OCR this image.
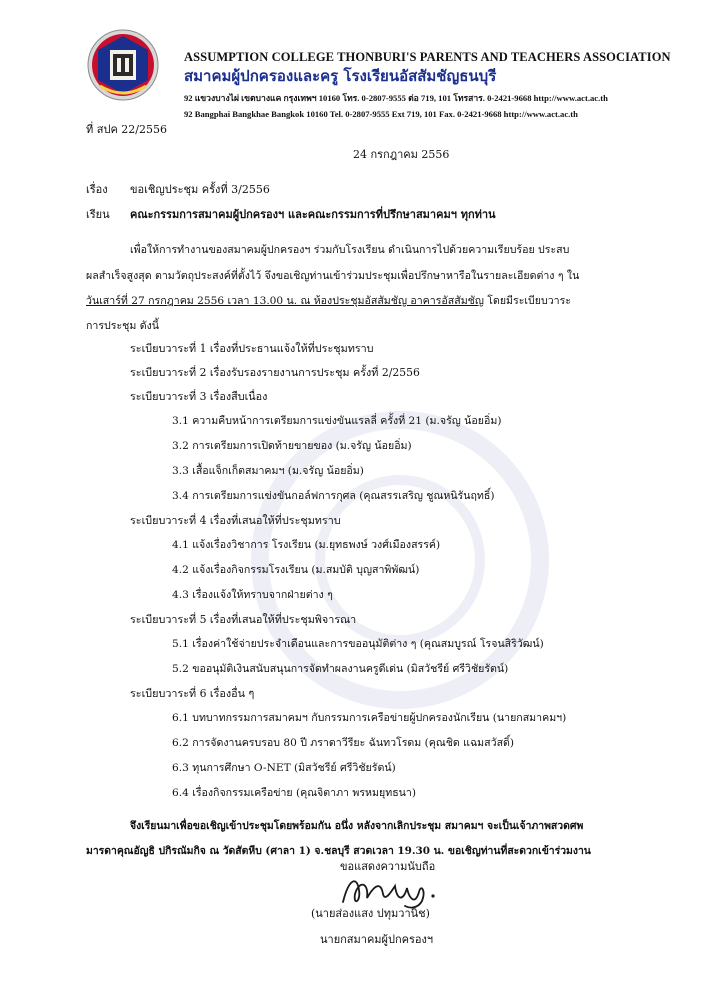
ASSUMPTION COLLEGE THONBURI'S PARENTS AND TEACHERS ASSOCIATION
สมาคมผู้ปกครองและครู โรงเรียนอัสสัมชัญธนบุรี
92 แขวงบางไผ่ เขตบางแค กรุงเทพฯ 10160 โทร. 0-2807-9555 ต่อ 719, 101 โทรสาร. 0-2421-9668 http://www.act.ac.th
92 Bangphai Bangkhae Bangkok 10160 Tel. 0-2807-9555 Ext 719, 101 Fax. 0-2421-9668 http://www.act.ac.th
ที่ สปค 22/2556
24 กรกฎาคม 2556
เรื่อง ขอเชิญประชุม ครั้งที่ 3/2556
เรียน คณะกรรมการสมาคมผู้ปกครองฯ และคณะกรรมการที่ปรึกษาสมาคมฯ ทุกท่าน
เพื่อให้การทำงานของสมาคมผู้ปกครองฯ ร่วมกับโรงเรียน ดำเนินการไปด้วยความเรียบร้อย ประสบ
ผลสำเร็จสูงสุด ตามวัตถุประสงค์ที่ตั้งไว้ จึงขอเชิญท่านเข้าร่วมประชุมเพื่อปรึกษาหารือในรายละเอียดต่าง ๆ ใน
วันเสาร์ที่ 27 กรกฎาคม 2556 เวลา 13.00 น. ณ ห้องประชุมอัสสัมชัญ อาคารอัสสัมชัญ โดยมีระเบียบวาระ
การประชุม ดังนี้
ระเบียบวาระที่ 1 เรื่องที่ประธานแจ้งให้ที่ประชุมทราบ
ระเบียบวาระที่ 2 เรื่องรับรองรายงานการประชุม ครั้งที่ 2/2556
ระเบียบวาระที่ 3 เรื่องสืบเนื่อง
3.1 ความคืบหน้าการเตรียมการแข่งขันแรลลี่ ครั้งที่ 21 (ม.จรัญ น้อยอิ่ม)
3.2 การเตรียมการเปิดท้ายขายของ (ม.จรัญ น้อยอิ่ม)
3.3 เสื้อแจ็กเก็ตสมาคมฯ (ม.จรัญ น้อยอิ่ม)
3.4 การเตรียมการแข่งขันกอล์ฟการกุศล (คุณสรรเสริญ ชูณหนิรันฤทธิ์)
ระเบียบวาระที่ 4 เรื่องที่เสนอให้ที่ประชุมทราบ
4.1 แจ้งเรื่องวิชาการ โรงเรียน (ม.ยุทธพงษ์ วงศ์เมืองสรรค์)
4.2 แจ้งเรื่องกิจกรรมโรงเรียน (ม.สมบัติ บุญสาพิพัฒน์)
4.3 เรื่องแจ้งให้ทราบจากฝ่ายต่าง ๆ
ระเบียบวาระที่ 5 เรื่องที่เสนอให้ที่ประชุมพิจารณา
5.1 เรื่องค่าใช้จ่ายประจำเดือนและการขออนุมัติต่าง ๆ (คุณสมบูรณ์ โรจนสิริวัฒน์)
5.2 ขออนุมัติเงินสนับสนุนการจัดทำผลงานครูดีเด่น (มิสวัชรีย์ ศรีวิชัยรัตน์)
ระเบียบวาระที่ 6 เรื่องอื่น ๆ
6.1 บทบาทกรรมการสมาคมฯ กับกรรมการเครือข่ายผู้ปกครองนักเรียน (นายกสมาคมฯ)
6.2 การจัดงานครบรอบ 80 ปี ภราดาวีรียะ ฉันทวโรดม (คุณชิด แฉมสวัสดิ์)
6.3 ทุนการศึกษา O-NET (มิสวัชรีย์ ศรีวิชัยรัตน์)
6.4 เรื่องกิจกรรมเครือข่าย (คุณจิตาภา พรหมยุทธนา)
จึงเรียนมาเพื่อขอเชิญเข้าประชุมโดยพร้อมกัน อนึ่ง หลังจากเลิกประชุม สมาคมฯ จะเป็นเจ้าภาพสวดศพ
มารดาคุณอัญธิ ปกิรณัมกิจ ณ วัดสัตหีบ (ศาลา 1) จ.ชลบุรี สวดเวลา 19.30 น. ขอเชิญท่านที่สะดวกเข้าร่วมงาน
ขอแสดงความนับถือ
(นายส่องแสง ปทุมวานิช)
นายกสมาคมผู้ปกครองฯ
